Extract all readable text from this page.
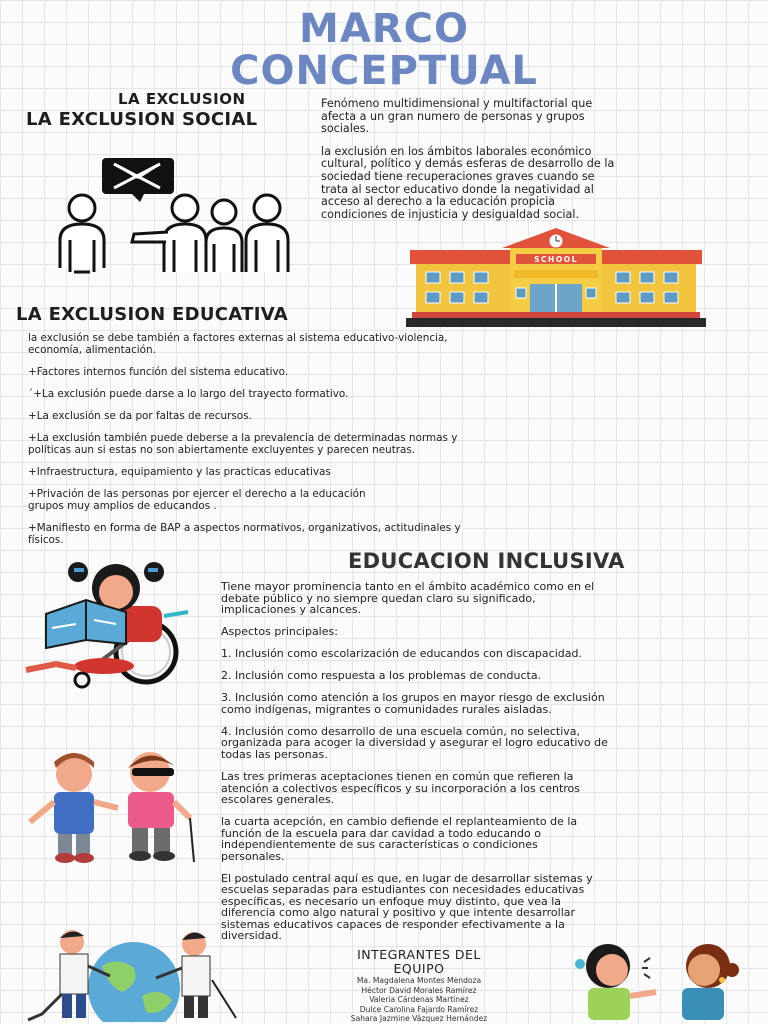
MARCO
CONCEPTUAL
LA EXCLUSION
LA EXCLUSION SOCIAL

Fenómeno multidimensional y multifactorial que
afecta a un gran numero de personas y grupos
sociales.

la exclusión en los ámbitos laborales económico
cultural, político y demás esferas de desarrollo de la
sociedad tiene recuperaciones graves cuando se
trata al sector educativo donde la negatividad al
acceso al derecho a la educación propicia
condiciones de injusticia y desigualdad social.

SCHOOL
LA EXCLUSION EDUCATIVA

la exclusión se debe también a factores externas al sistema educativo-violencia,
economía, alimentación.

+Factores internos función del sistema educativo.

´+La exclusión puede darse a lo largo del trayecto formativo.

+La exclusión se da por faltas de recursos.

+La exclusión también puede deberse a la prevalencia de determinadas normas y
políticas aun si estas no son abiertamente excluyentes y parecen neutras.

+Infraestructura, equipamiento y las practicas educativas

+Privación de las personas por ejercer el derecho a la educación
grupos muy amplios de educandos .

+Manifiesto en forma de BAP a aspectos normativos, organizativos, actitudinales y
físicos.

EDUCACION INCLUSIVA

Tiene mayor prominencia tanto en el ámbito académico como en el
debate público y no siempre quedan claro su significado,
implicaciones y alcances.

Aspectos principales:

1. Inclusión como escolarización de educandos con discapacidad.

2. Inclusión como respuesta a los problemas de conducta.

3. Inclusión como atención a los grupos en mayor riesgo de exclusión
como indígenas, migrantes o comunidades rurales aisladas.

4. Inclusión como desarrollo de una escuela común, no selectiva,
organizada para acoger la diversidad y asegurar el logro educativo de
todas las personas.

Las tres primeras aceptaciones tienen en común que refieren la
atención a colectivos específicos y su incorporación a los centros
escolares generales.

la cuarta acepción, en cambio defiende el replanteamiento de la
función de la escuela para dar cavidad a todo educando o
independientemente de sus características o condiciones
personales.

El postulado central aquí es que, en lugar de desarrollar sistemas y
escuelas separadas para estudiantes con necesidades educativas
específicas, es necesario un enfoque muy distinto, que vea la
diferencia como algo natural y positivo y que intente desarrollar
sistemas educativos capaces de responder efectivamente a la
diversidad.

INTEGRANTES DEL
EQUIPO
Ma. Magdalena Montes Mendoza
Héctor David Morales Ramírez
Valeria Cárdenas Martínez
Dulce Carolina Fajardo Ramírez
Sahara Jazmine Vázquez Hernández
